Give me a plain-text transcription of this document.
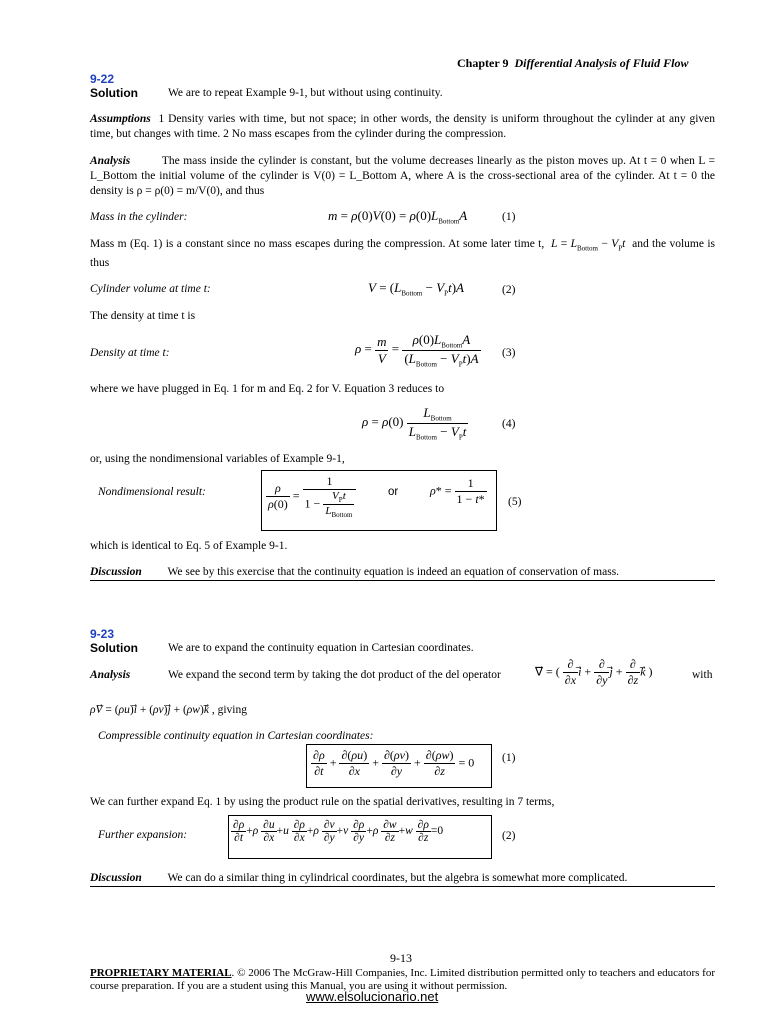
Chapter 9 Differential Analysis of Fluid Flow
9-22
Solution	We are to repeat Example 9-1, but without using continuity.
Assumptions 1 Density varies with time, but not space; in other words, the density is uniform throughout the cylinder at any given time, but changes with time. 2 No mass escapes from the cylinder during the compression.
Analysis	The mass inside the cylinder is constant, but the volume decreases linearly as the piston moves up. At t = 0 when L = L_Bottom the initial volume of the cylinder is V(0) = L_Bottom A, where A is the cross-sectional area of the cylinder. At t = 0 the density is ρ = ρ(0) = m/V(0), and thus
Mass in the cylinder:	$m = \rho(0)V(0) = \rho(0)L_{Bottom}A$	(1)
Mass m (Eq. 1) is a constant since no mass escapes during the compression. At some later time t,  $L = L_{Bottom} - V_Pt$ and the volume is thus
Cylinder volume at time t:	$V = (L_{Bottom} - V_Pt)A$	(2)
The density at time t is
Density at time t:	$\rho = \frac{m}{V} = \frac{\rho(0)L_{Bottom}A}{(L_{Bottom} - V_Pt)A} (3)$
where we have plugged in Eq. 1 for m and Eq. 2 for V. Equation 3 reduces to
$\rho = \rho(0) \frac{L_{Bottom}}{L_{Bottom} - V_Pt}$	(4)
or, using the nondimensional variables of Example 9-1,
Nondimensional result:	$\frac{\rho}{\rho(0)} = \frac{1}{1 - \frac{V_Pt}{L_{Bottom}}}$	or	$\rho* = \frac{1}{1 - t*} (5)$
which is identical to Eq. 5 of Example 9-1.
Discussion We see by this exercise that the continuity equation is indeed an equation of conservation of mass.
9-23
Solution	We are to expand the continuity equation in Cartesian coordinates.
Analysis	We expand the second term by taking the dot product of the del operator	∇⃗ = ( $\frac{\partial}{\partial x}$ i⃗ + $\frac{\partial}{\partial y}$ j⃗ + $\frac{\partial}{\partial z}$ k⃗ )	with
ρV⃗ = (ρu)i⃗ + (ρv)j⃗ + (ρw)k⃗ , giving
Compressible continuity equation in Cartesian coordinates:
$\frac{\partial\rho}{\partial t} + \frac{\partial(\rho u)}{\partial x} + \frac{\partial(\rho v)}{\partial y} + \frac{\partial(\rho w)}{\partial z} = 0$ (1)
We can further expand Eq. 1 by using the product rule on the spatial derivatives, resulting in 7 terms,
Further expansion:	$\frac{\partial\rho}{\partial t} +\rho \frac{\partial u}{\partial x} +u \frac{\partial\rho}{\partial x} +\rho \frac{\partial v}{\partial y} +v \frac{\partial\rho}{\partial y} +\rho \frac{\partial w}{\partial z} +w \frac{\partial\rho}{\partial z} =0$	(2)
Discussion We can do a similar thing in cylindrical coordinates, but the algebra is somewhat more complicated.
9-13
PROPRIETARY MATERIAL. © 2006 The McGraw-Hill Companies, Inc. Limited distribution permitted only to teachers and educators for course preparation. If you are a student using this Manual, you are using it without permission.
www.elsolucionario.net
